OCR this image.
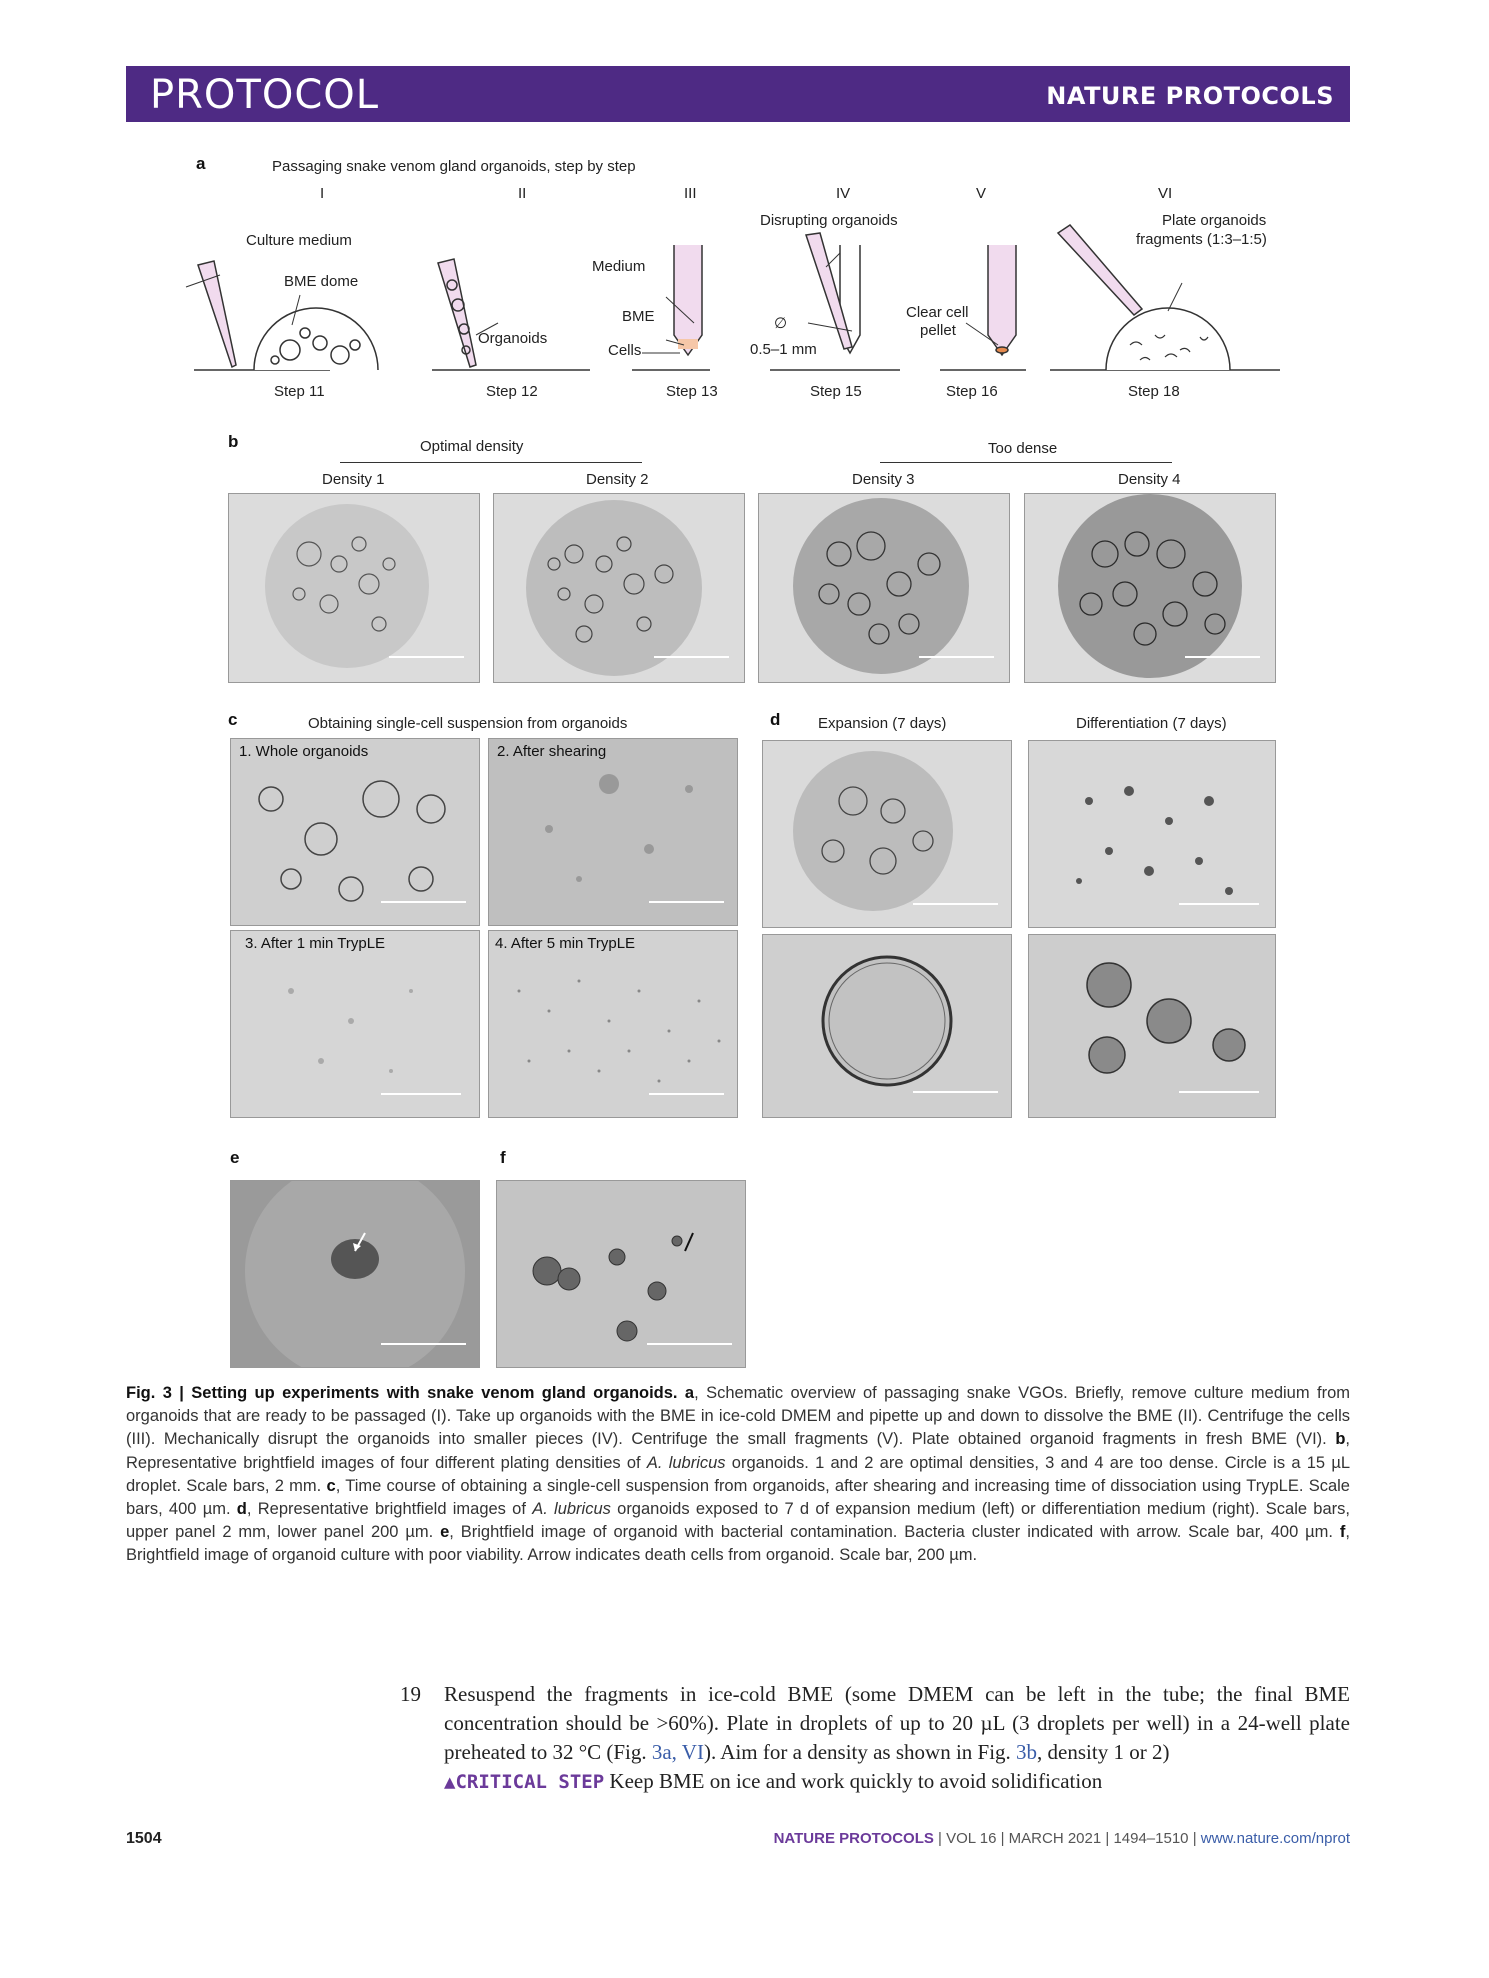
PROTOCOL	NATURE PROTOCOLS
a	Passaging snake venom gland organoids, step by step
I	II	III	IV	V	VI
Culture medium
BME dome
Organoids
Medium
BME
Cells
Disrupting organoids
∅
0.5–1 mm
Clear cell
pellet
Plate organoids
fragments (1:3–1:5)
Step 11	Step 12	Step 13	Step 15	Step 16	Step 18
b	Optimal density	Too dense
Density 1	Density 2	Density 3	Density 4
c	Obtaining single-cell suspension from organoids
1. Whole organoids	2. After shearing
3. After 1 min TrypLE	4. After 5 min TrypLE
d	Expansion (7 days)	Differentiation (7 days)
e	f
Fig. 3 | Setting up experiments with snake venom gland organoids. a, Schematic overview of passaging snake VGOs. Briefly, remove culture medium from organoids that are ready to be passaged (I). Take up organoids with the BME in ice-cold DMEM and pipette up and down to dissolve the BME (II). Centrifuge the cells (III). Mechanically disrupt the organoids into smaller pieces (IV). Centrifuge the small fragments (V). Plate obtained organoid fragments in fresh BME (VI). b, Representative brightfield images of four different plating densities of A. lubricus organoids. 1 and 2 are optimal densities, 3 and 4 are too dense. Circle is a 15 µL droplet. Scale bars, 2 mm. c, Time course of obtaining a single-cell suspension from organoids, after shearing and increasing time of dissociation using TrypLE. Scale bars, 400 µm. d, Representative brightfield images of A. lubricus organoids exposed to 7 d of expansion medium (left) or differentiation medium (right). Scale bars, upper panel 2 mm, lower panel 200 µm. e, Brightfield image of organoid with bacterial contamination. Bacteria cluster indicated with arrow. Scale bar, 400 µm. f, Brightfield image of organoid culture with poor viability. Arrow indicates death cells from organoid. Scale bar, 200 µm.
19 Resuspend the fragments in ice-cold BME (some DMEM can be left in the tube; the final BME concentration should be >60%). Plate in droplets of up to 20 µL (3 droplets per well) in a 24-well plate preheated to 32 °C (Fig. 3a, VI). Aim for a density as shown in Fig. 3b, density 1 or 2)
▲CRITICAL STEP Keep BME on ice and work quickly to avoid solidification
1504	NATURE PROTOCOLS | VOL 16 | MARCH 2021 | 1494–1510 | www.nature.com/nprot
